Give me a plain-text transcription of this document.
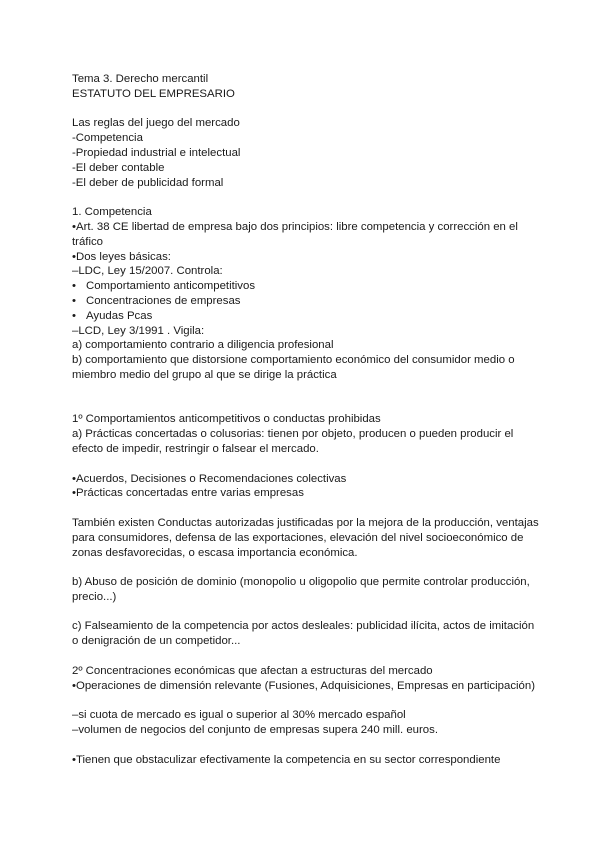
Tema 3. Derecho mercantil

ESTATUTO DEL EMPRESARIO

Las reglas del juego del mercado

-Competencia

-Propiedad industrial e intelectual

-El deber contable

-El deber de publicidad formal

1. Competencia

•Art. 38 CE libertad de empresa bajo dos principios: libre competencia y corrección en el tráfico

•Dos leyes básicas:

–LDC, Ley 15/2007. Controla:

• Comportamiento anticompetitivos
• Concentraciones de empresas
• Ayudas Pcas

–LCD, Ley 3/1991 . Vigila:

a) comportamiento contrario a diligencia profesional

b) comportamiento que distorsione comportamiento económico del consumidor medio o miembro medio del grupo al que se dirige la práctica

1º Comportamientos anticompetitivos o conductas prohibidas

a) Prácticas concertadas o colusorias: tienen por objeto, producen o pueden producir el efecto de impedir, restringir o falsear el mercado.

•Acuerdos, Decisiones o Recomendaciones colectivas

•Prácticas concertadas entre varias empresas

También existen Conductas autorizadas justificadas por la mejora de la producción, ventajas para consumidores, defensa de las exportaciones, elevación del nivel socioeconómico de zonas desfavorecidas, o escasa importancia económica.

b) Abuso de posición de dominio (monopolio u oligopolio que permite controlar producción, precio...)

c) Falseamiento de la competencia por actos desleales: publicidad ilícita, actos de imitación o denigración de un competidor...

2º Concentraciones económicas que afectan a estructuras del mercado

•Operaciones de dimensión relevante (Fusiones, Adquisiciones, Empresas en participación)

–si cuota de mercado es igual o superior al 30% mercado español

–volumen de negocios del conjunto de empresas supera 240 mill. euros.

•Tienen que obstaculizar efectivamente la competencia en su sector correspondiente
